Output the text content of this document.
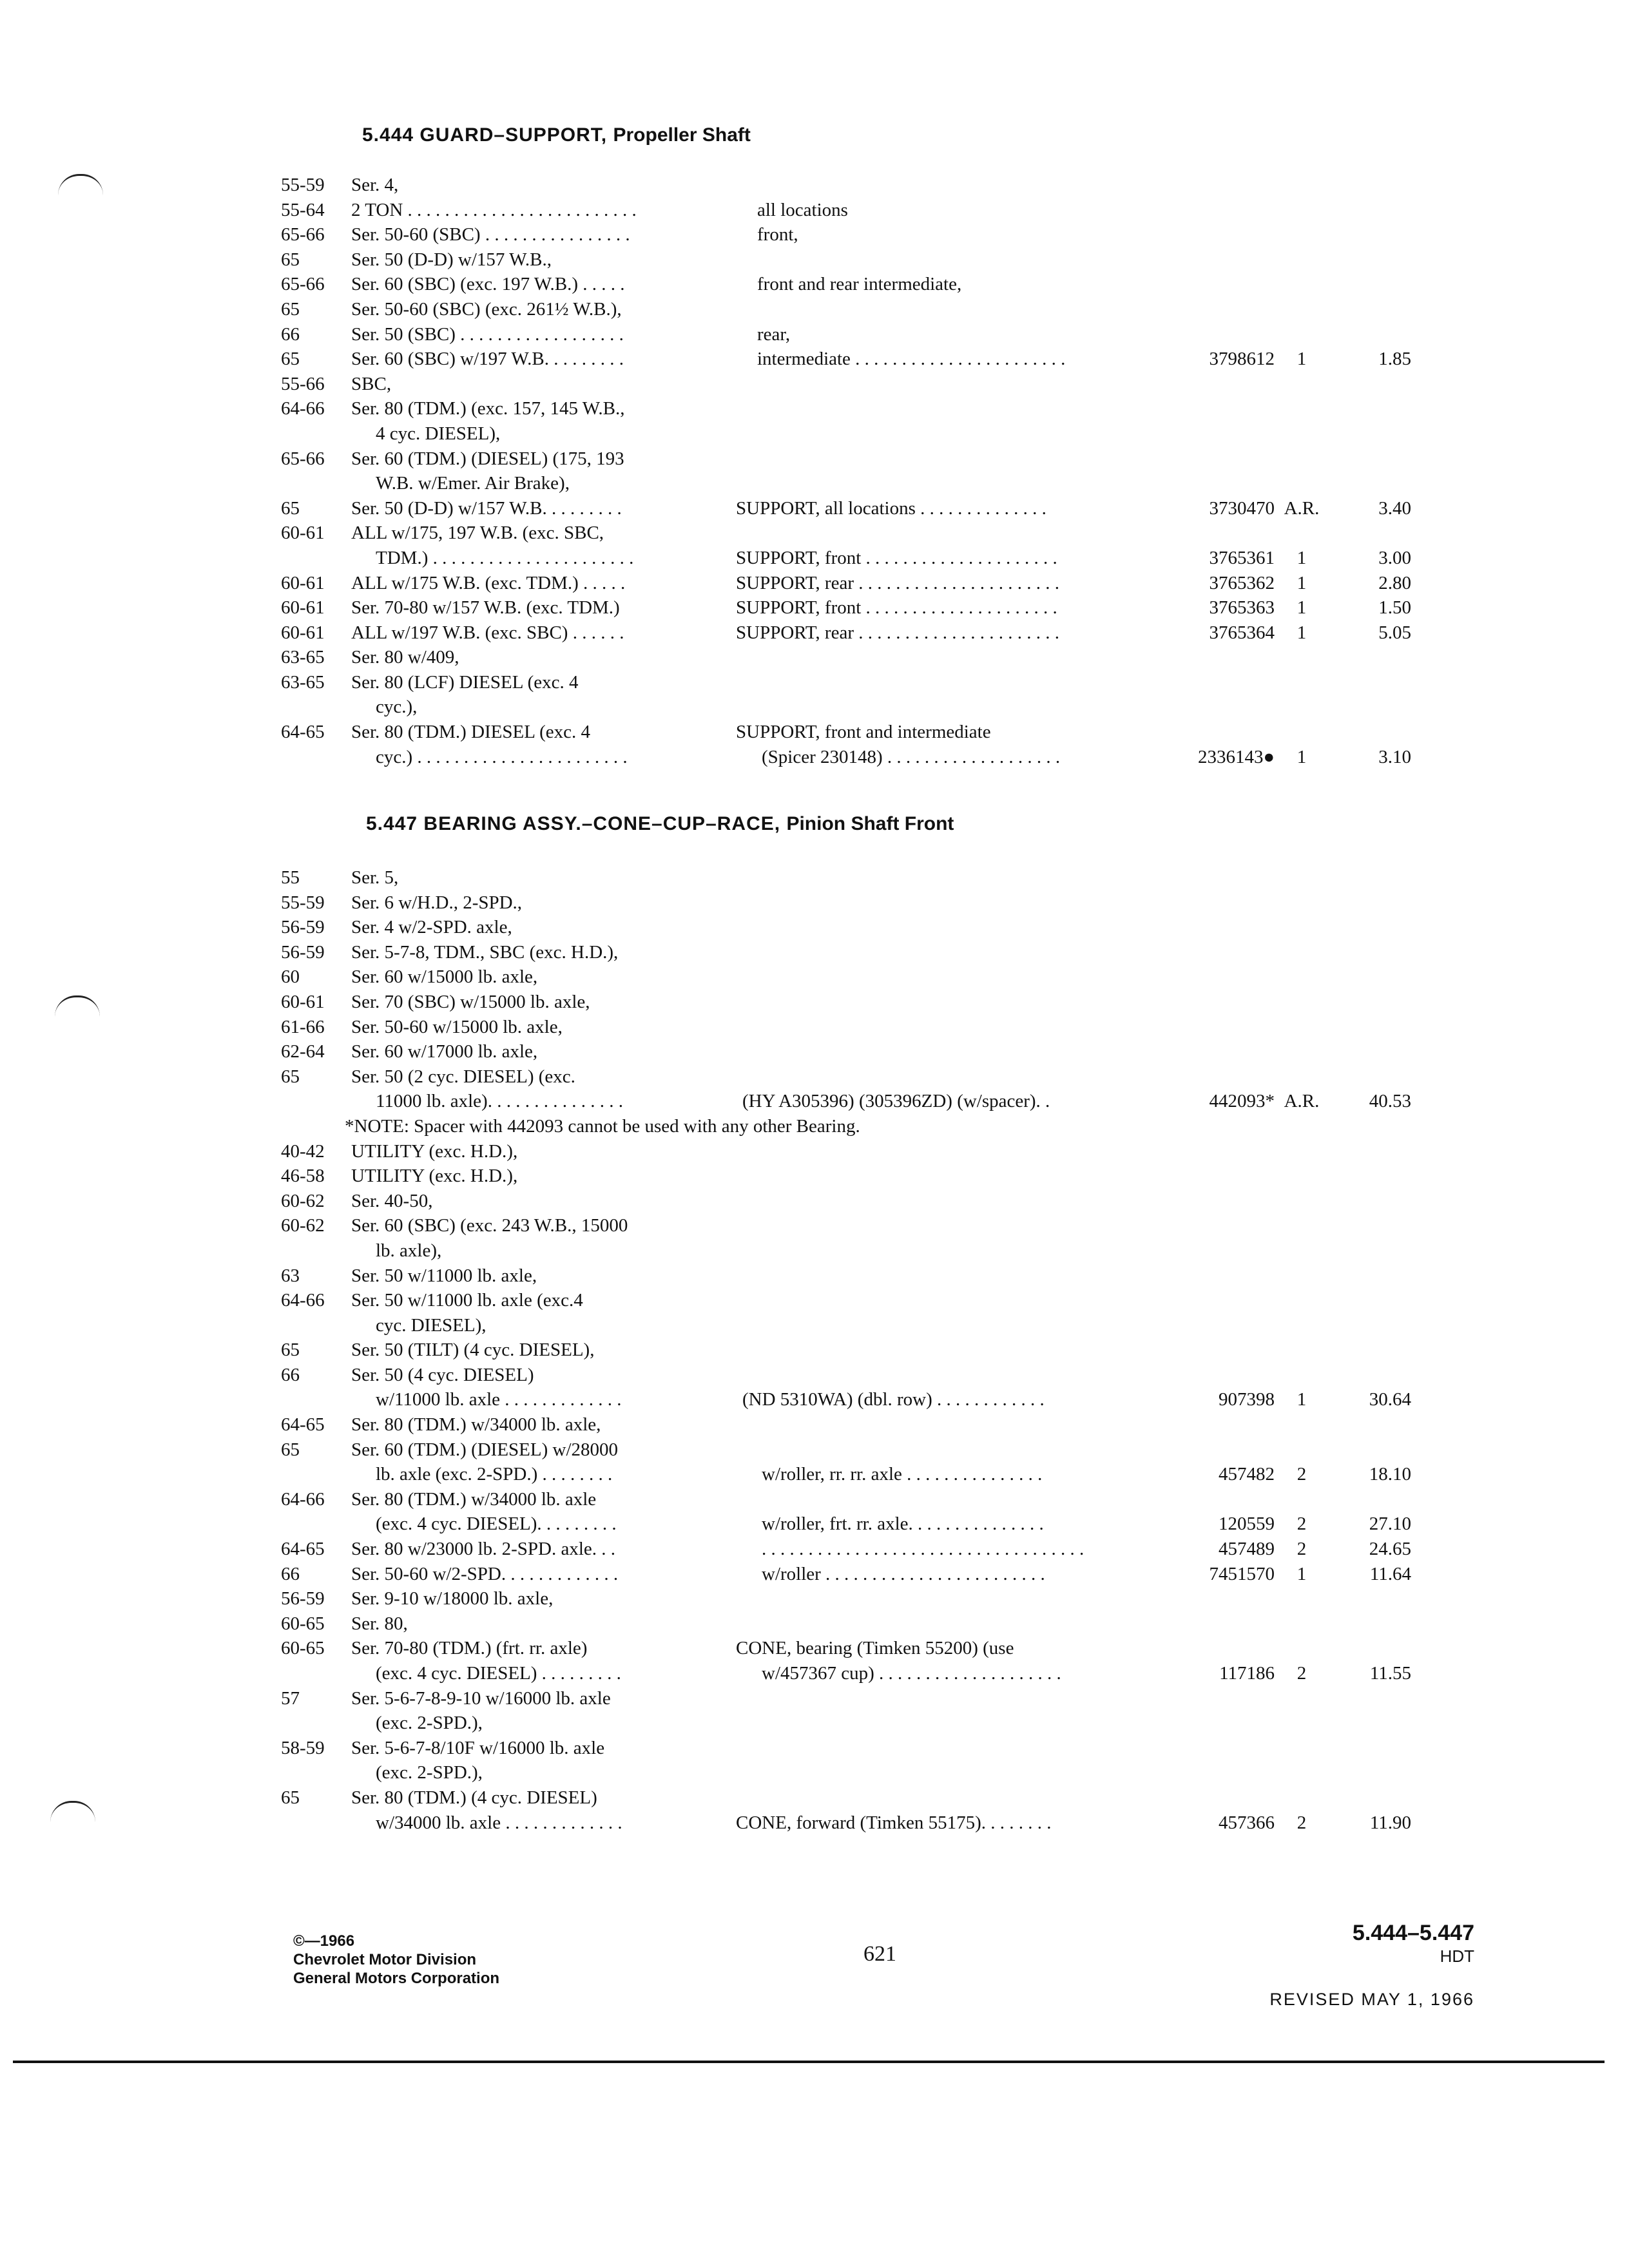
5.444 GUARD–SUPPORT, Propeller Shaft
55-59 Ser. 4,
55-64 2 TON . . . . . . . . . . . . . . . . . . . . . . . . .	all locations
65-66 Ser. 50-60 (SBC) . . . . . . . . . . . . . . . .	front,
65	Ser. 50 (D-D) w/157 W.B.,
65-66 Ser. 60 (SBC) (exc. 197 W.B.) . . . . .	front and rear intermediate,
65	Ser. 50-60 (SBC) (exc. 261½ W.B.),
66	Ser. 50 (SBC) . . . . . . . . . . . . . . . . . .	rear,
65	Ser. 60 (SBC) w/197 W.B. . . . . . . . .	intermediate . . . . . . . . . . . . . . . . . . . . . . .	3798612	1	1.85
55-66 SBC,
64-66 Ser. 80 (TDM.) (exc. 157, 145 W.B.,
4 cyc. DIESEL),
65-66 Ser. 60 (TDM.) (DIESEL) (175, 193
W.B. w/Emer. Air Brake),
65	Ser. 50 (D-D) w/157 W.B. . . . . . . . .	SUPPORT, all locations . . . . . . . . . . . . . .	3730470 A.R.	3.40
60-61 ALL w/175, 197 W.B. (exc. SBC,
TDM.) . . . . . . . . . . . . . . . . . . . . . .	SUPPORT, front . . . . . . . . . . . . . . . . . . . . .	3765361	1	3.00
60-61 ALL w/175 W.B. (exc. TDM.) . . . . .	SUPPORT, rear . . . . . . . . . . . . . . . . . . . . . .	3765362	1	2.80
60-61 Ser. 70-80 w/157 W.B. (exc. TDM.)	SUPPORT, front . . . . . . . . . . . . . . . . . . . . .	3765363	1	1.50
60-61 ALL w/197 W.B. (exc. SBC) . . . . . .	SUPPORT, rear . . . . . . . . . . . . . . . . . . . . . .	3765364	1	5.05
63-65 Ser. 80 w/409,
63-65 Ser. 80 (LCF) DIESEL (exc. 4
cyc.),
64-65 Ser. 80 (TDM.) DIESEL (exc. 4	SUPPORT, front and intermediate
cyc.) . . . . . . . . . . . . . . . . . . . . . . .	(Spicer 230148) . . . . . . . . . . . . . . . . . . .	2336143●	1	3.10
5.447 BEARING ASSY.–CONE–CUP–RACE, Pinion Shaft Front
55	Ser. 5,
55-59 Ser. 6 w/H.D., 2-SPD.,
56-59 Ser. 4 w/2-SPD. axle,
56-59 Ser. 5-7-8, TDM., SBC (exc. H.D.),
60	Ser. 60 w/15000 lb. axle,
60-61 Ser. 70 (SBC) w/15000 lb. axle,
61-66 Ser. 50-60 w/15000 lb. axle,
62-64 Ser. 60 w/17000 lb. axle,
65	Ser. 50 (2 cyc. DIESEL) (exc.
11000 lb. axle). . . . . . . . . . . . . . .	(HY A305396) (305396ZD) (w/spacer). .	442093* A.R.	40.53
*NOTE: Spacer with 442093 cannot be used with any other Bearing.
40-42 UTILITY (exc. H.D.),
46-58 UTILITY (exc. H.D.),
60-62 Ser. 40-50,
60-62 Ser. 60 (SBC) (exc. 243 W.B., 15000
lb. axle),
63	Ser. 50 w/11000 lb. axle,
64-66 Ser. 50 w/11000 lb. axle (exc.4
cyc. DIESEL),
65	Ser. 50 (TILT) (4 cyc. DIESEL),
66	Ser. 50 (4 cyc. DIESEL)
w/11000 lb. axle . . . . . . . . . . . . .	(ND 5310WA) (dbl. row) . . . . . . . . . . . .	907398	1	30.64
64-65 Ser. 80 (TDM.) w/34000 lb. axle,
65	Ser. 60 (TDM.) (DIESEL) w/28000
lb. axle (exc. 2-SPD.) . . . . . . . .	w/roller, rr. rr. axle . . . . . . . . . . . . . . .	457482	2	18.10
64-66 Ser. 80 (TDM.) w/34000 lb. axle
(exc. 4 cyc. DIESEL). . . . . . . . .	w/roller, frt. rr. axle. . . . . . . . . . . . . . .	120559	2	27.10
64-65 Ser. 80 w/23000 lb. 2-SPD. axle. . .	. . . . . . . . . . . . . . . . . . . . . . . . . . . . . . . . . . .	457489	2	24.65
66	Ser. 50-60 w/2-SPD. . . . . . . . . . . . .	w/roller . . . . . . . . . . . . . . . . . . . . . . . .	7451570	1	11.64
56-59 Ser. 9-10 w/18000 lb. axle,
60-65 Ser. 80,
60-65 Ser. 70-80 (TDM.) (frt. rr. axle)	CONE, bearing (Timken 55200) (use
(exc. 4 cyc. DIESEL) . . . . . . . . .	w/457367 cup) . . . . . . . . . . . . . . . . . . . .	117186	2	11.55
57	Ser. 5-6-7-8-9-10 w/16000 lb. axle
(exc. 2-SPD.),
58-59 Ser. 5-6-7-8/10F w/16000 lb. axle
(exc. 2-SPD.),
65	Ser. 80 (TDM.) (4 cyc. DIESEL)
w/34000 lb. axle . . . . . . . . . . . . .	CONE, forward (Timken 55175). . . . . . . .	457366	2	11.90
©—1966
Chevrolet Motor Division
General Motors Corporation
621
5.444–5.447
HDT
REVISED MAY 1, 1966
